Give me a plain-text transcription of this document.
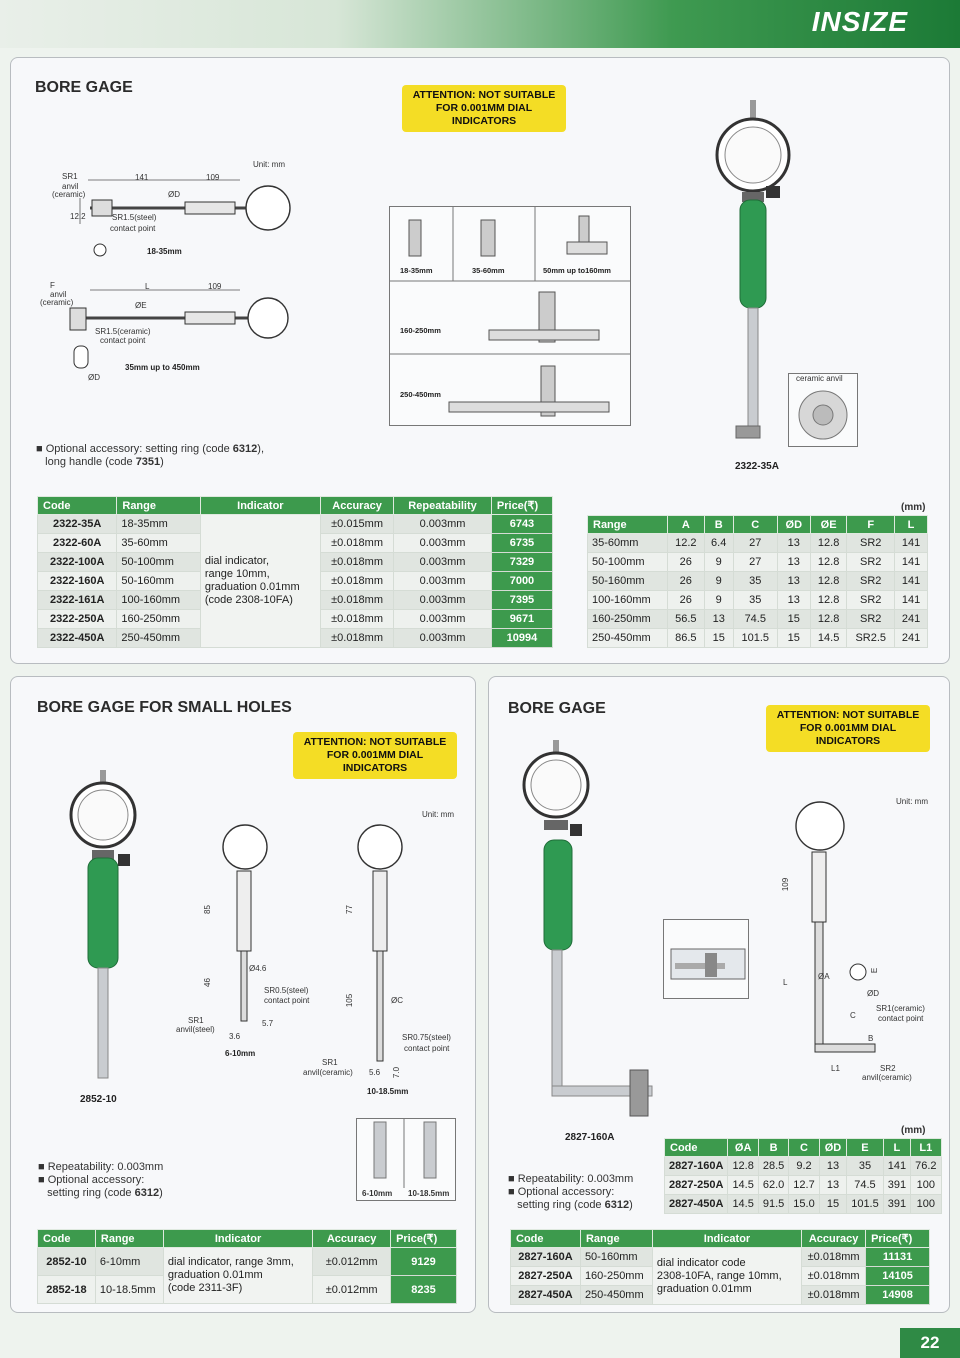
INSIZE
BORE GAGE	ATTENTION: NOT SUITABLE
FOR 0.001MM DIAL INDICATORS
Unit: mm
SR1
anvil
(ceramic)
141	109
ØD
12.2	SR1.5(steel)
contact point
18-35mm
F
anvil
(ceramic)
L	109
ØE
SR1.5(ceramic)
contact point
35mm up to 450mm
ØD
18-35mm	35-60mm	50mm up to160mm
160-250mm
250-450mm
ceramic anvil
2322-35A
■ Optional accessory: setting ring (code 6312),
long handle (code 7351)
Code	Range	Indicator	Accuracy	Repeatability	Price(₹)
2322-35A	18-35mm	dial indicator,
range 10mm,
graduation 0.01mm
(code 2308-10FA)	±0.015mm	0.003mm	6743
2322-60A	35-60mm		±0.018mm	0.003mm	6735
2322-100A	50-100mm		±0.018mm	0.003mm	7329
2322-160A	50-160mm		±0.018mm	0.003mm	7000
2322-161A	100-160mm		±0.018mm	0.003mm	7395
2322-250A	160-250mm		±0.018mm	0.003mm	9671
2322-450A	250-450mm		±0.018mm	0.003mm	10994
(mm)
Range	A	B	C	ØD	ØE	F	L
35-60mm	12.2	6.4	27	13	12.8	SR2	141
50-100mm	26	9	27	13	12.8	SR2	141
50-160mm	26	9	35	13	12.8	SR2	141
100-160mm	26	9	35	13	12.8	SR2	141
160-250mm	56.5	13	74.5	15	12.8	SR2	241
250-450mm	86.5	15	101.5	15	14.5	SR2.5	241
BORE GAGE FOR SMALL HOLES
ATTENTION: NOT SUITABLE
FOR 0.001MM DIAL INDICATORS
Unit: mm
2852-10
85
46
Ø4.6
SR0.5(steel)
contact point
SR1
anvil(steel)
3.6
5.7
6-10mm
77
105	ØC
SR0.75(steel)
contact point
SR1
anvil(ceramic) 5.6 7.0
10-18.5mm
6-10mm 10-18.5mm
■ Repeatability: 0.003mm
■ Optional accessory:
setting ring (code 6312)
Code	Range	Indicator	Accuracy	Price(₹)
2852-10	6-10mm	dial indicator, range 3mm,
graduation 0.01mm
(code 2311-3F)	±0.012mm	9129
2852-18	10-18.5mm		±0.012mm	8235
BORE GAGE	ATTENTION: NOT SUITABLE
FOR 0.001MM DIAL INDICATORS
Unit: mm
2827-160A
109
ØA
L
E
ØD
SR1(ceramic)
contact point
C
B
L1	SR2
anvil(ceramic)
■ Repeatability: 0.003mm
■ Optional accessory:
setting ring (code 6312)
(mm)
Code	ØA	B	C	ØD	E	L	L1
2827-160A	12.8	28.5	9.2	13	35	141	76.2
2827-250A	14.5	62.0	12.7	13	74.5	391	100
2827-450A	14.5	91.5	15.0	15	101.5	391	100
Code	Range	Indicator	Accuracy	Price(₹)
2827-160A	50-160mm	dial indicator code
2308-10FA, range 10mm,
graduation 0.01mm	±0.018mm	11131
2827-250A	160-250mm		±0.018mm	14105
2827-450A	250-450mm		±0.018mm	14908
22
